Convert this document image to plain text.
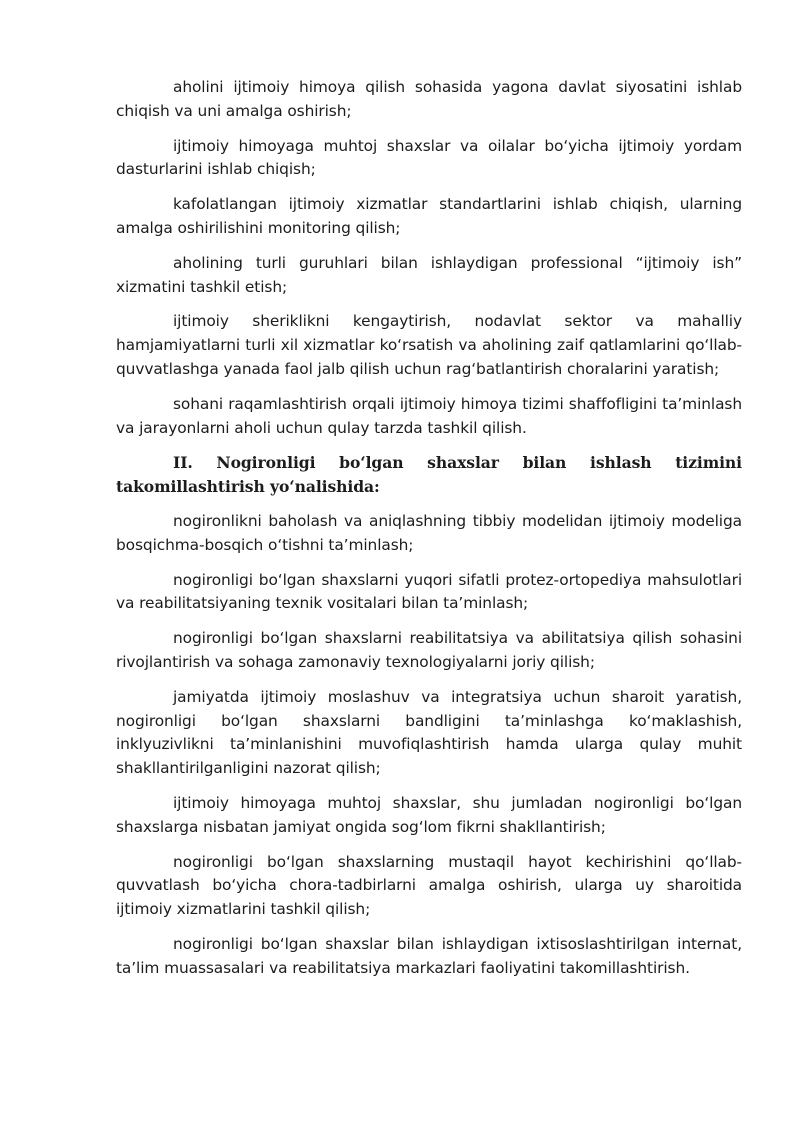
aholini ijtimoiy himoya qilish sohasida yagona davlat siyosatini ishlab chiqish va uni amalga oshirish;

ijtimoiy himoyaga muhtoj shaxslar va oilalar bo‘yicha ijtimoiy yordam dasturlarini ishlab chiqish;

kafolatlangan ijtimoiy xizmatlar standartlarini ishlab chiqish, ularning amalga oshirilishini monitoring qilish;

aholining turli guruhlari bilan ishlaydigan professional “ijtimoiy ish” xizmatini tashkil etish;

ijtimoiy sheriklikni kengaytirish, nodavlat sektor va mahalliy hamjamiyatlarni turli xil xizmatlar ko‘rsatish va aholining zaif qatlamlarini qo‘llab-quvvatlashga yanada faol jalb qilish uchun rag‘batlantirish choralarini yaratish;

sohani raqamlashtirish orqali ijtimoiy himoya tizimi shaffofligini ta’minlash va jarayonlarni aholi uchun qulay tarzda tashkil qilish.

II. Nogironligi bo‘lgan shaxslar bilan ishlash tizimini takomillashtirish yo‘nalishida:

nogironlikni baholash va aniqlashning tibbiy modelidan ijtimoiy modeliga bosqichma-bosqich o‘tishni ta’minlash;

nogironligi bo‘lgan shaxslarni yuqori sifatli protez-ortopediya mahsulotlari va reabilitatsiyaning texnik vositalari bilan ta’minlash;

nogironligi bo‘lgan shaxslarni reabilitatsiya va abilitatsiya qilish sohasini rivojlantirish va sohaga zamonaviy texnologiyalarni joriy qilish;

jamiyatda ijtimoiy moslashuv va integratsiya uchun sharoit yaratish, nogironligi bo‘lgan shaxslarni bandligini ta’minlashga ko‘maklashish, inklyuzivlikni ta’minlanishini muvofiqlashtirish hamda ularga qulay muhit shakllantirilganligini nazorat qilish;

ijtimoiy himoyaga muhtoj shaxslar, shu jumladan nogironligi bo‘lgan shaxslarga nisbatan jamiyat ongida sog‘lom fikrni shakllantirish;

nogironligi bo‘lgan shaxslarning mustaqil hayot kechirishini qo‘llab-quvvatlash bo‘yicha chora-tadbirlarni amalga oshirish, ularga uy sharoitida ijtimoiy xizmatlarini tashkil qilish;

nogironligi bo‘lgan shaxslar bilan ishlaydigan ixtisoslashtirilgan internat, ta’lim muassasalari va reabilitatsiya markazlari faoliyatini takomillashtirish.
